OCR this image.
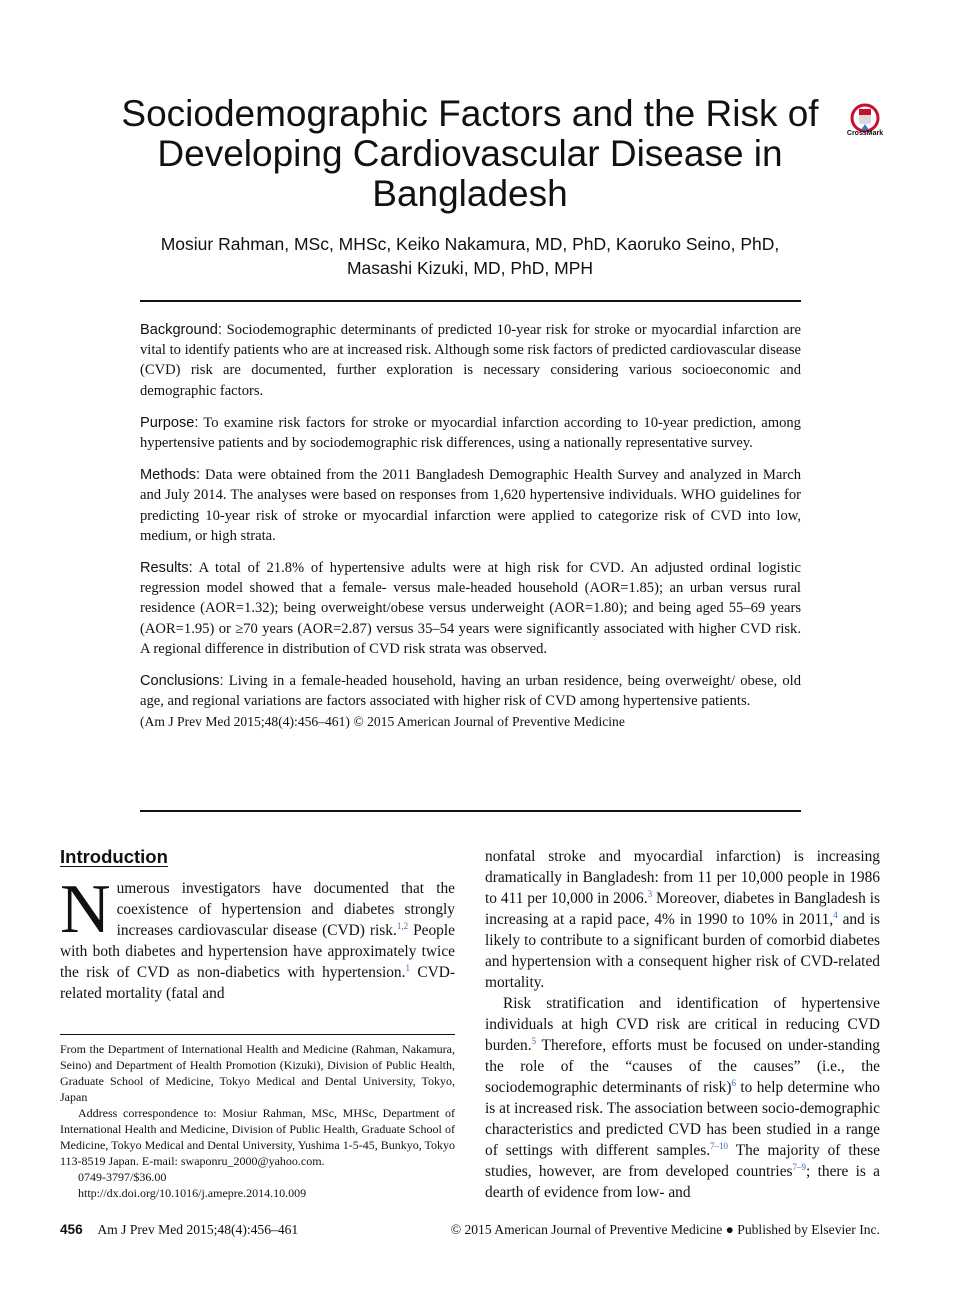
Sociodemographic Factors and the Risk of Developing Cardiovascular Disease in Bangladesh
CrossMark
Mosiur Rahman, MSc, MHSc, Keiko Nakamura, MD, PhD, Kaoruko Seino, PhD,
Masashi Kizuki, MD, PhD, MPH

Background: Sociodemographic determinants of predicted 10-year risk for stroke or myocardial infarction are vital to identify patients who are at increased risk. Although some risk factors of predicted cardiovascular disease (CVD) risk are documented, further exploration is necessary considering various socioeconomic and demographic factors.

Purpose: To examine risk factors for stroke or myocardial infarction according to 10-year prediction, among hypertensive patients and by sociodemographic risk differences, using a nationally representative survey.

Methods: Data were obtained from the 2011 Bangladesh Demographic Health Survey and analyzed in March and July 2014. The analyses were based on responses from 1,620 hypertensive individuals. WHO guidelines for predicting 10-year risk of stroke or myocardial infarction were applied to categorize risk of CVD into low, medium, or high strata.

Results: A total of 21.8% of hypertensive adults were at high risk for CVD. An adjusted ordinal logistic regression model showed that a female- versus male-headed household (AOR=1.85); an urban versus rural residence (AOR=1.32); being overweight/obese versus underweight (AOR=1.80); and being aged 55–69 years (AOR=1.95) or ≥70 years (AOR=2.87) versus 35–54 years were significantly associated with higher CVD risk. A regional difference in distribution of CVD risk strata was observed.

Conclusions: Living in a female-headed household, having an urban residence, being overweight/ obese, old age, and regional variations are factors associated with higher risk of CVD among hypertensive patients.

(Am J Prev Med 2015;48(4):456–461) © 2015 American Journal of Preventive Medicine
Introduction

Numerous investigators have documented that the coexistence of hypertension and diabetes strongly increases cardiovascular disease (CVD) risk.$^{1,2}$ People with both diabetes and hypertension have approximately twice the risk of CVD as non-diabetics with hypertension.$^1$ CVD-related mortality (fatal and

From the Department of International Health and Medicine (Rahman, Nakamura, Seino) and Department of Health Promotion (Kizuki), Division of Public Health, Graduate School of Medicine, Tokyo Medical and Dental University, Tokyo, Japan

Address correspondence to: Mosiur Rahman, MSc, MHSc, Department of International Health and Medicine, Division of Public Health, Graduate School of Medicine, Tokyo Medical and Dental University, Yushima 1-5-45, Bunkyo, Tokyo 113-8519 Japan. E-mail: swaponru_2000@yahoo.com.

0749-3797/$36.00

http://dx.doi.org/10.1016/j.amepre.2014.10.009

nonfatal stroke and myocardial infarction) is increasing dramatically in Bangladesh: from 11 per 10,000 people in 1986 to 411 per 10,000 in 2006.$^3$ Moreover, diabetes in Bangladesh is increasing at a rapid pace, 4% in 1990 to 10% in 2011,$^4$ and is likely to contribute to a significant burden of comorbid diabetes and hypertension with a consequent higher risk of CVD-related mortality.

Risk stratification and identification of hypertensive individuals at high CVD risk are critical in reducing CVD burden.$^5$ Therefore, efforts must be focused on under-standing the role of the “causes of the causes” (i.e., the sociodemographic determinants of risk)$^6$ to help determine who is at increased risk. The association between socio-demographic characteristics and predicted CVD has been studied in a range of settings with different samples.$^{7-10}$ The majority of these studies, however, are from developed countries$^{7-9}$; there is a dearth of evidence from low- and

456 Am J Prev Med 2015;48(4):456–461	© 2015 American Journal of Preventive Medicine ● Published by Elsevier Inc.
